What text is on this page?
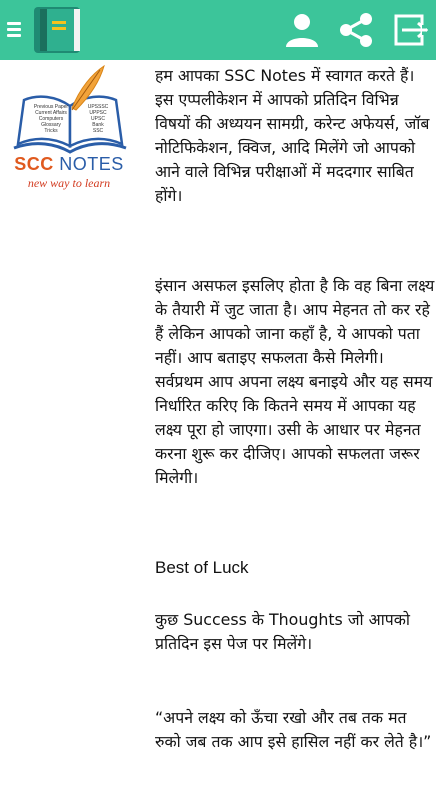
Previous Paper
Current Affairs
Computers
Glossary
Tricks
UPSSSC
UPPSC
UPSC
Bank
SSC
SCC NOTES
new way to learn

हम आपका SSC Notes में स्वागत करते हैं। इस एप्पलीकेशन में आपको प्रतिदिन विभिन्न विषयों की अध्ययन सामग्री, करेन्ट अफेयर्स, जॉब नोटिफिकेशन, क्विज, आदि मिलेंगे जो आपको आने वाले विभिन्न परीक्षाओं में मददगार साबित होंगे।

इंसान असफल इसलिए होता है कि वह बिना लक्ष्य के तैयारी में जुट जाता है। आप मेहनत तो कर रहे हैं लेकिन आपको जाना कहाँ है, ये आपको पता नहीं। आप बताइए सफलता कैसे मिलेगी। सर्वप्रथम आप अपना लक्ष्य बनाइये और यह समय निर्धारित करिए कि कितने समय में आपका यह लक्ष्य पूरा हो जाएगा। उसी के आधार पर मेहनत करना शुरू कर दीजिए। आपको सफलता जरूर मिलेगी।

Best of Luck

कुछ Success के Thoughts जो आपको प्रतिदिन इस पेज पर मिलेंगे।

“अपने लक्ष्य को ऊँचा रखो और तब तक मत रुको जब तक आप इसे हासिल नहीं कर लेते है।”
